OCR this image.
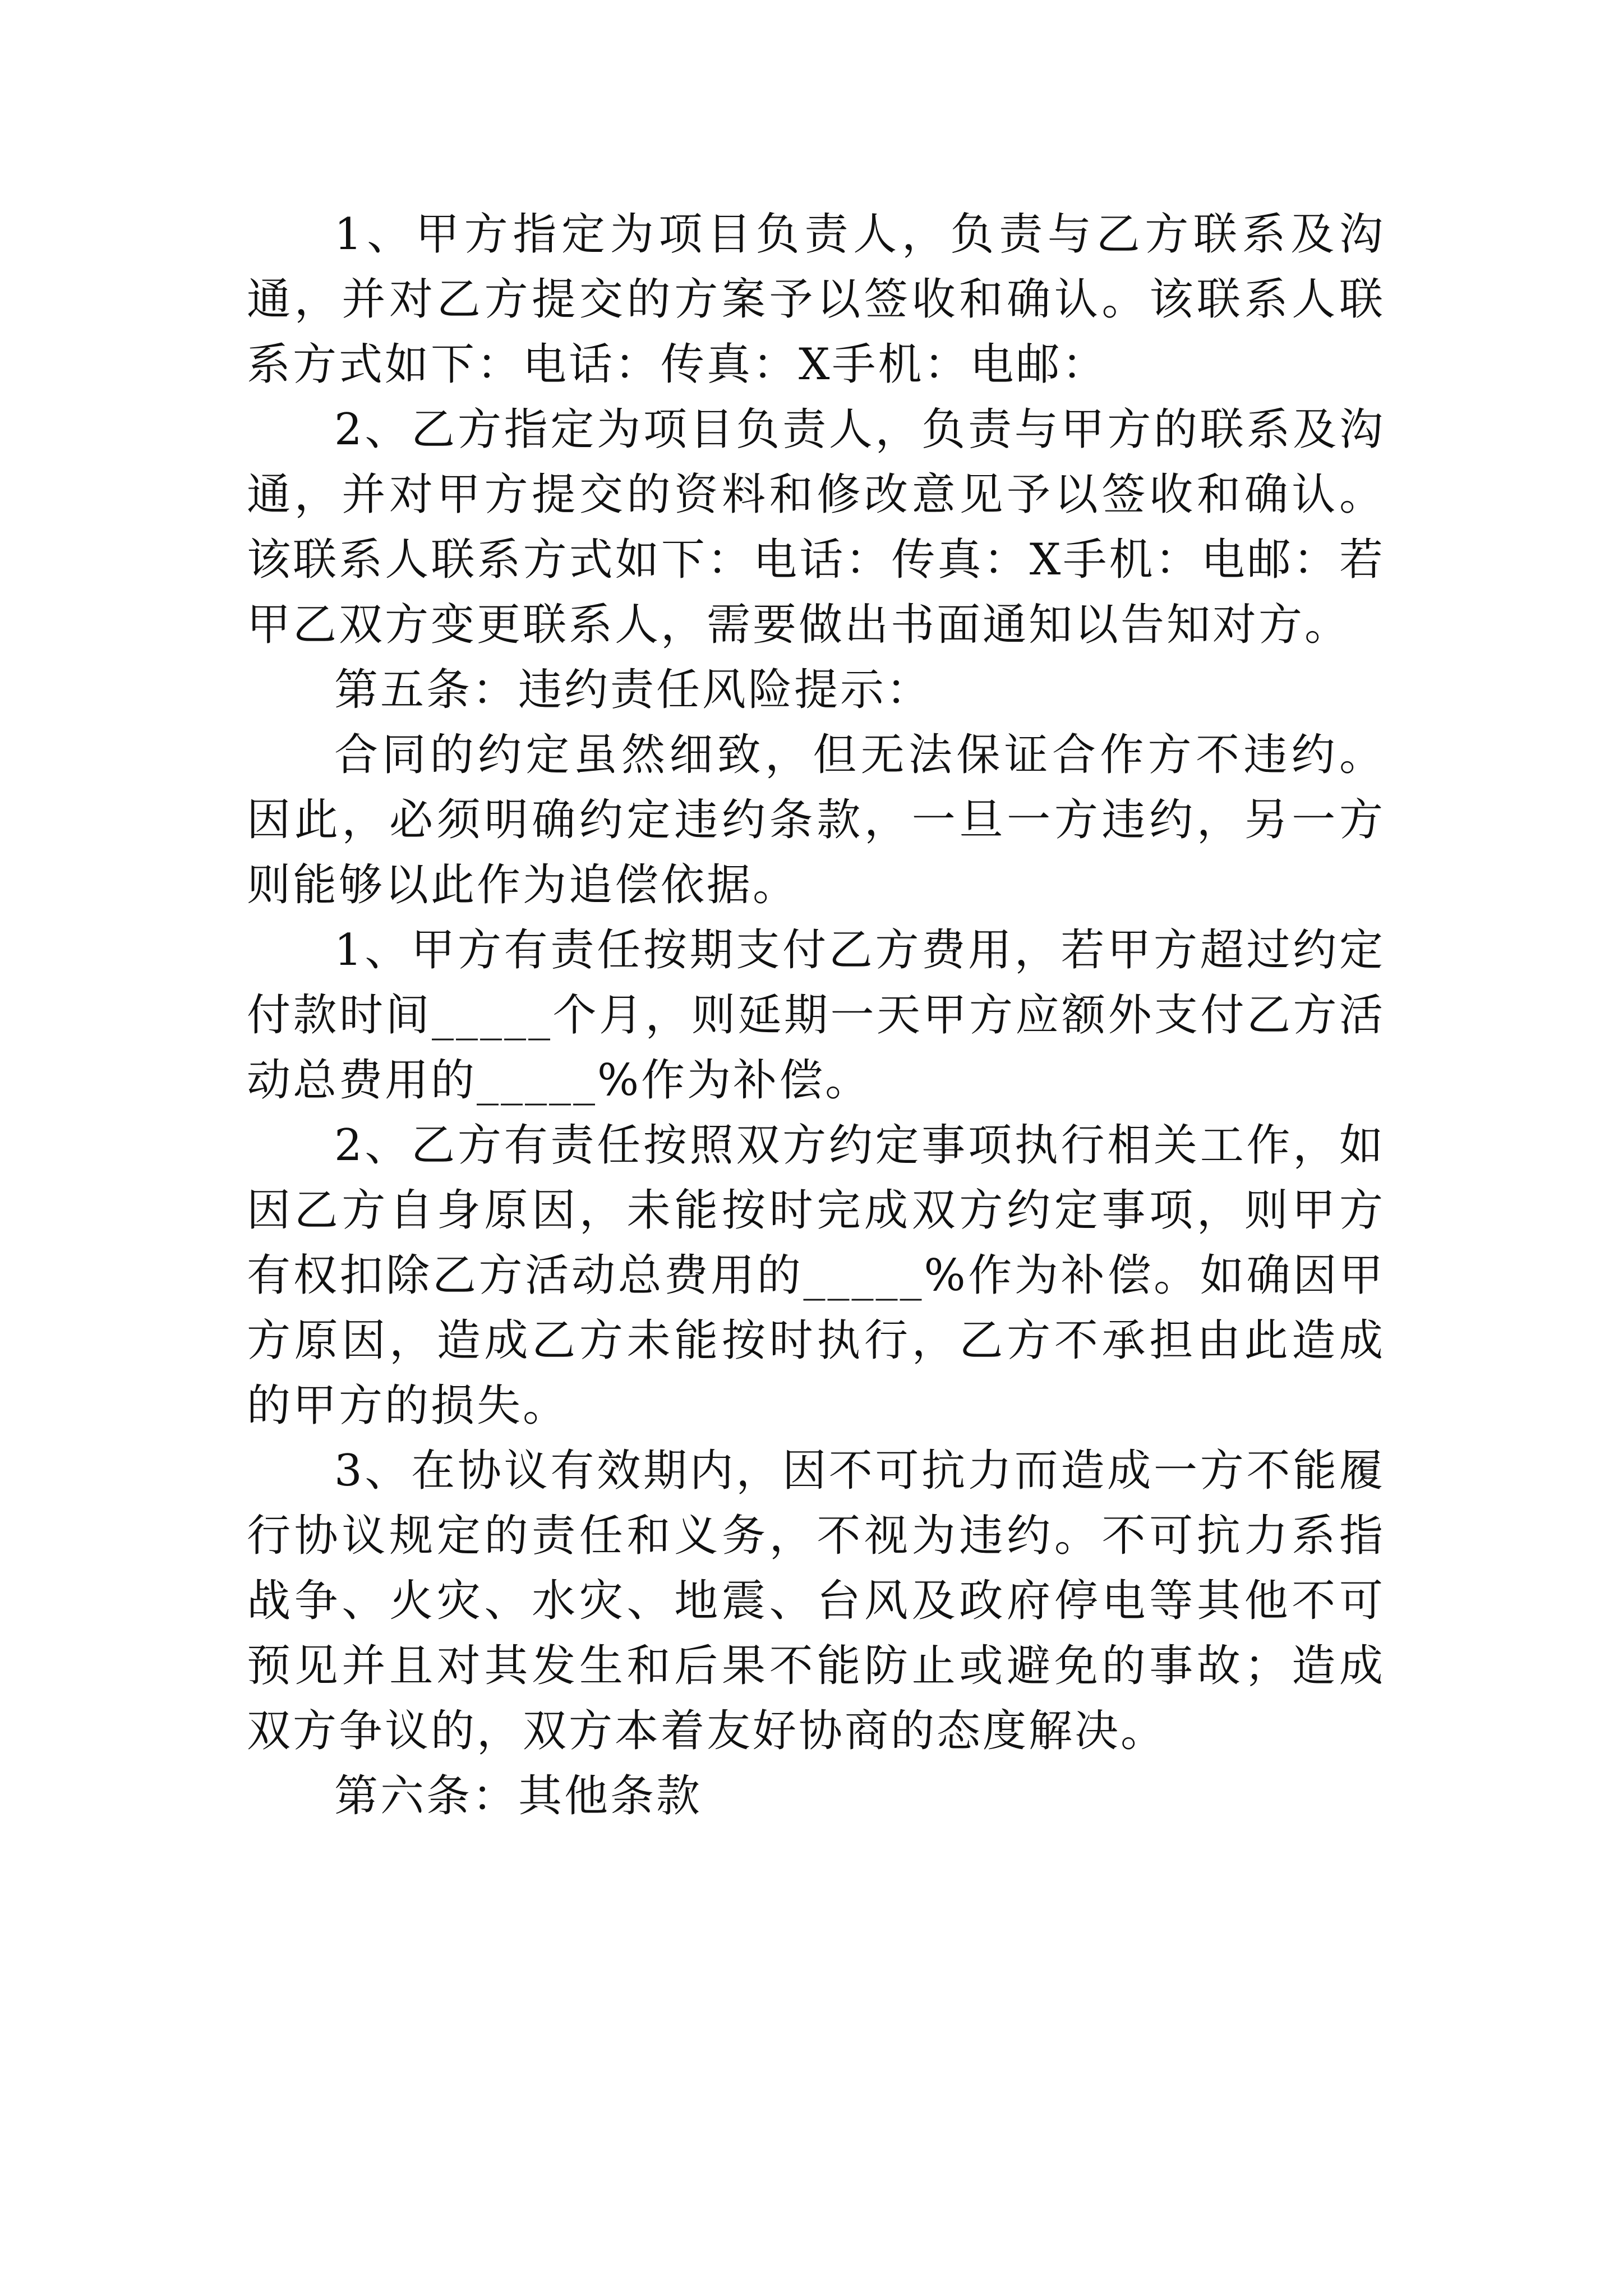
1、甲方指定为项目负责人，负责与乙方联系及沟通，并对乙方提交的方案予以签收和确认。该联系人联系方式如下：电话：传真：X手机：电邮：

2、乙方指定为项目负责人，负责与甲方的联系及沟通，并对甲方提交的资料和修改意见予以签收和确认。该联系人联系方式如下：电话：传真：X手机：电邮：若甲乙双方变更联系人，需要做出书面通知以告知对方。

第五条：违约责任风险提示：

合同的约定虽然细致，但无法保证合作方不违约。因此，必须明确约定违约条款，一旦一方违约，另一方则能够以此作为追偿依据。

1、甲方有责任按期支付乙方费用，若甲方超过约定付款时间_____个月，则延期一天甲方应额外支付乙方活动总费用的_____%作为补偿。

2、乙方有责任按照双方约定事项执行相关工作，如因乙方自身原因，未能按时完成双方约定事项，则甲方有权扣除乙方活动总费用的_____%作为补偿。如确因甲方原因，造成乙方未能按时执行，乙方不承担由此造成的甲方的损失。

3、在协议有效期内，因不可抗力而造成一方不能履行协议规定的责任和义务，不视为违约。不可抗力系指战争、火灾、水灾、地震、台风及政府停电等其他不可预见并且对其发生和后果不能防止或避免的事故；造成双方争议的，双方本着友好协商的态度解决。

第六条：其他条款
